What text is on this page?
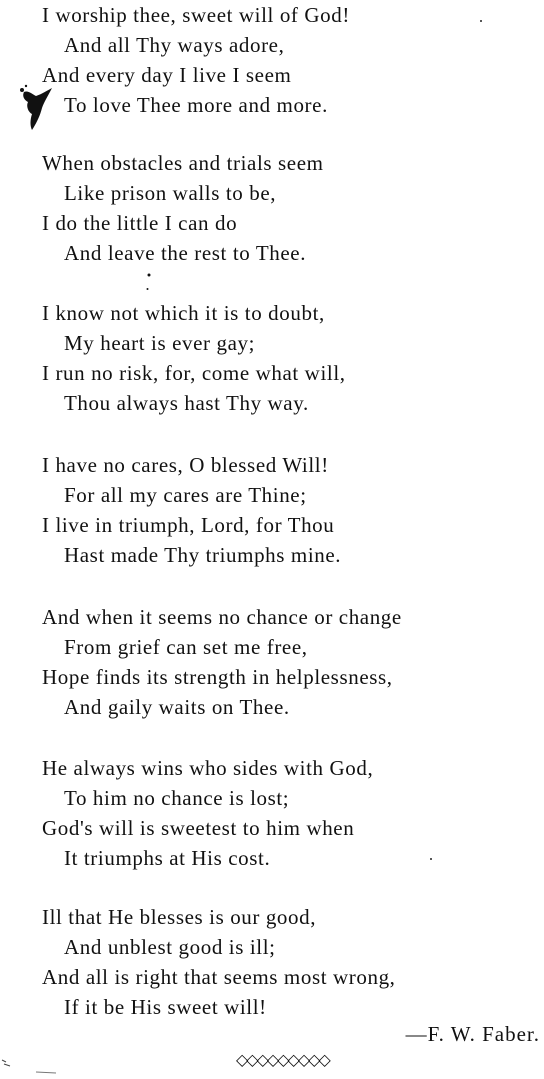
I worship thee, sweet will of God!
And all Thy ways adore,
And every day I live I seem
To love Thee more and more.
When obstacles and trials seem
Like prison walls to be,
I do the little I can do
And leave the rest to Thee.
I know not which it is to doubt,
My heart is ever gay;
I run no risk, for, come what will,
Thou always hast Thy way.
I have no cares, O blessed Will!
For all my cares are Thine;
I live in triumph, Lord, for Thou
Hast made Thy triumphs mine.
And when it seems no chance or change
From grief can set me free,
Hope finds its strength in helplessness,
And gaily waits on Thee.
He always wins who sides with God,
To him no chance is lost;
God's will is sweetest to him when
It triumphs at His cost.
Ill that He blesses is our good,
And unblest good is ill;
And all is right that seems most wrong,
If it be His sweet will!
—F. W. Faber.
◇◇◇◇◇◇◇◇◇
